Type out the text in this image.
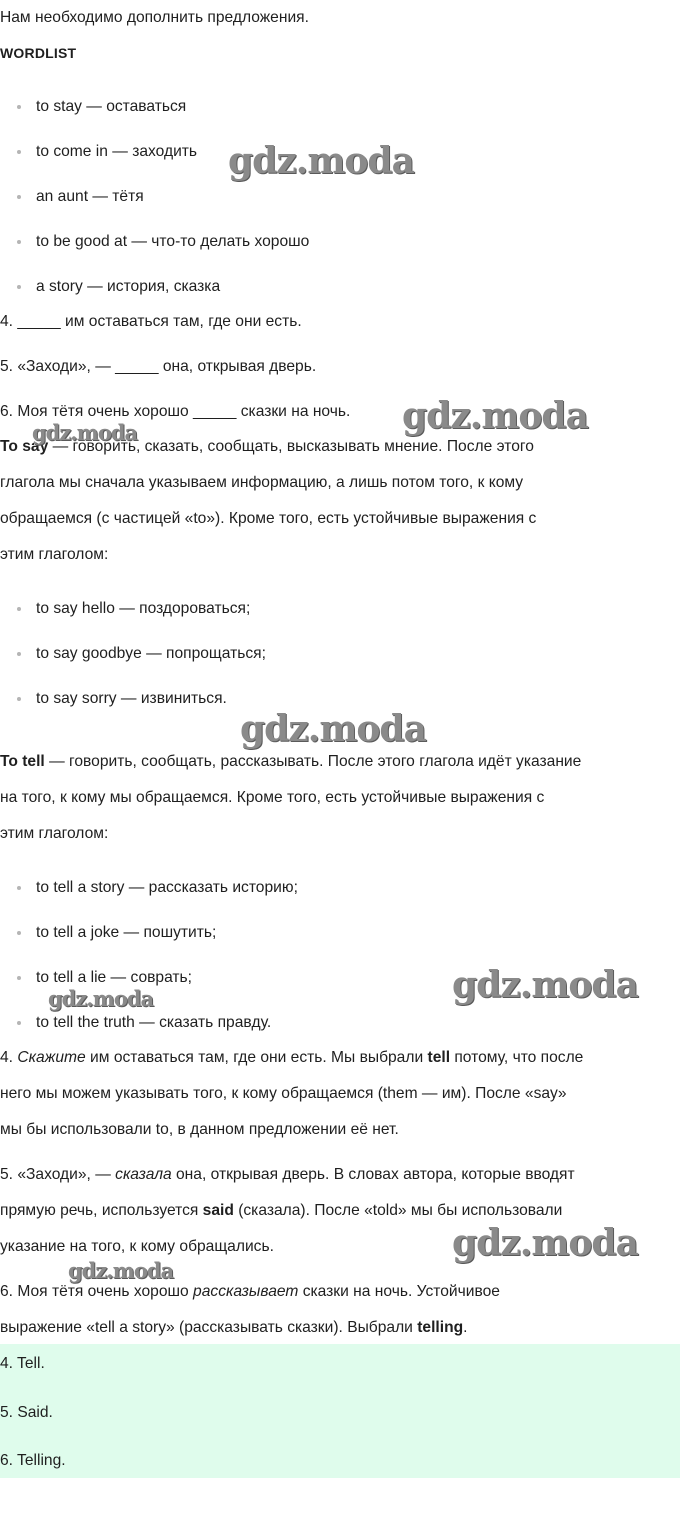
Нам необходимо дополнить предложения.
WORDLIST
to stay — оставаться
to come in — заходить
an aunt — тётя
to be good at — что-то делать хорошо
a story — история, сказка
4. _____ им оставаться там, где они есть.
5. «Заходи», — _____ она, открывая дверь.
6. Моя тётя очень хорошо _____ сказки на ночь.
To say — говорить, сказать, сообщать, высказывать мнение. После этого
глагола мы сначала указываем информацию, а лишь потом того, к кому
обращаемся (с частицей «to»). Кроме того, есть устойчивые выражения с
этим глаголом:
to say hello — поздороваться;
to say goodbye — попрощаться;
to say sorry — извиниться.
To tell — говорить, сообщать, рассказывать. После этого глагола идёт указание
на того, к кому мы обращаемся. Кроме того, есть устойчивые выражения с
этим глаголом:
to tell a story — рассказать историю;
to tell a joke — пошутить;
to tell a lie — соврать;
to tell the truth — сказать правду.
4. Скажите им оставаться там, где они есть. Мы выбрали tell потому, что после
него мы можем указывать того, к кому обращаемся (them — им). После «say»
мы бы использовали to, в данном предложении её нет.
5. «Заходи», — сказала она, открывая дверь. В словах автора, которые вводят
прямую речь, используется said (сказала). После «told» мы бы использовали
указание на того, к кому обращались.
6. Моя тётя очень хорошо рассказывает сказки на ночь. Устойчивое
выражение «tell a story» (рассказывать сказки). Выбрали telling.
4. Tell.
5. Said.
6. Telling.
gdz.moda
gdz.moda
gdz.moda
gdz.moda
gdz.moda
gdz.moda
gdz.moda
gdz.moda
